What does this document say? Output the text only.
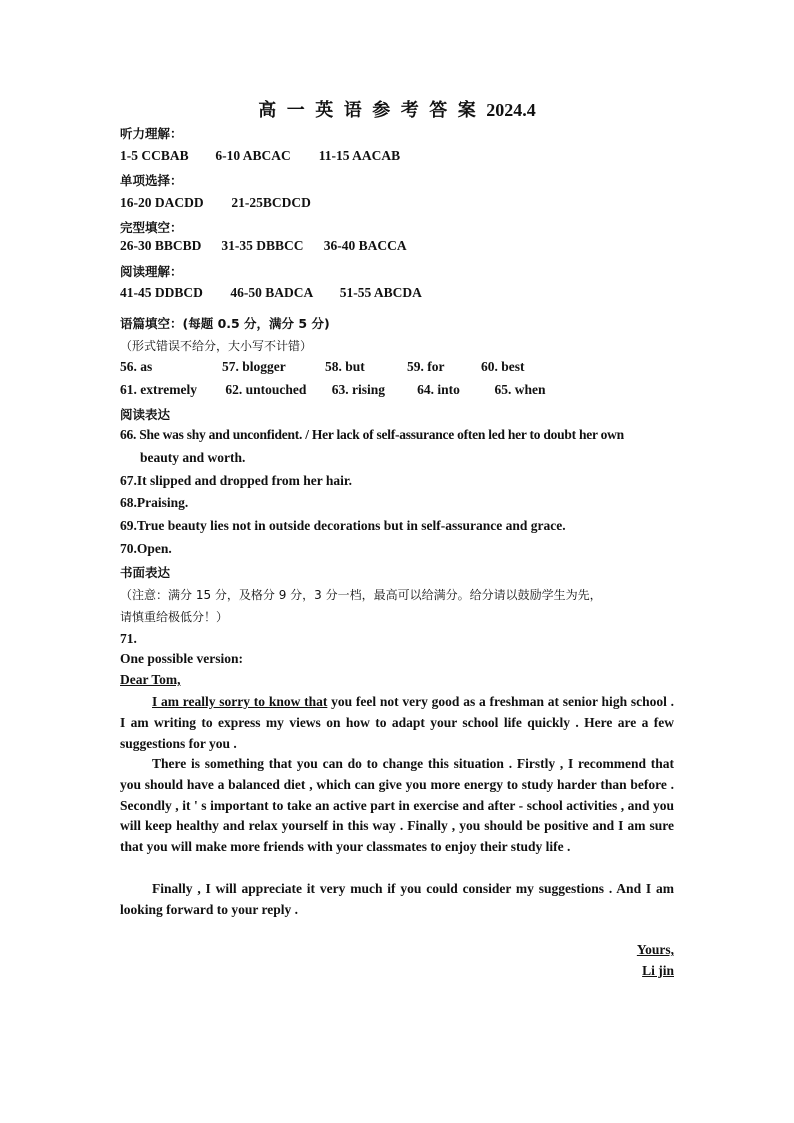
高 一 英 语 参 考 答 案 2024.4
听力理解：
1-5 CCBAB 6-10 ABCAC 11-15 AACAB
单项选择：
16-20 DACDD 21-25BCDCD
完型填空：
26-30 BBCBD 31-35 DBBCC 36-40 BACCA
阅读理解：
41-45 DDBCD 46-50 BADCA 51-55 ABCDA
语篇填空：(每题 0.5 分，满分 5 分)
（形式错误不给分，大小写不计错）
56. as	57. blogger	58. but	59. for	60. best
61. extremely 62. untouched 63. rising 64. into	65. when
阅读表达
66. She was shy and unconfident. / Her lack of self-assurance often led her to doubt her own
beauty and worth.
67.It slipped and dropped from her hair.
68.Praising.
69.True beauty lies not in outside decorations but in self-assurance and grace.
70.Open.
书面表达
（注意：满分 15 分，及格分 9 分，3 分一档，最高可以给满分。给分请以鼓励学生为先，
请慎重给极低分！）
71.
One possible version:
Dear Tom,
I am really sorry to know that you feel not very good as a freshman at senior high school . I am writing to express my views on how to adapt your school life quickly . Here are a few suggestions for you .
There is something that you can do to change this situation . Firstly , I recommend that you should have a balanced diet , which can give you more energy to study harder than before . Secondly , it ' s important to take an active part in exercise and after - school activities , and you will keep healthy and relax yourself in this way . Finally , you should be positive and I am sure that you will make more friends with your classmates to enjoy their study life .
Finally , I will appreciate it very much if you could consider my suggestions . And I am looking forward to your reply .
Yours,
Li jin
